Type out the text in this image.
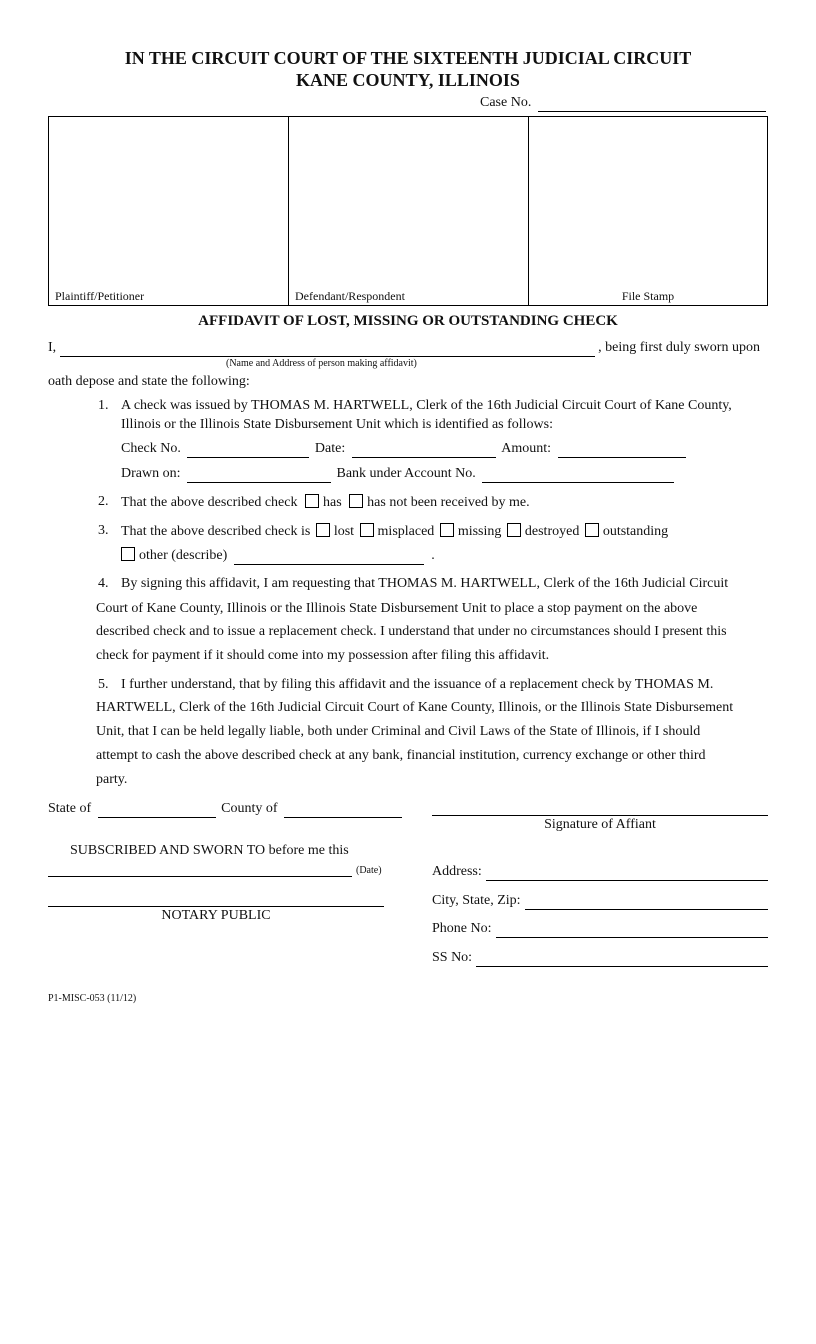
IN THE CIRCUIT COURT OF THE SIXTEENTH JUDICIAL CIRCUIT
KANE COUNTY, ILLINOIS
Case No.
Plaintiff/Petitioner	Defendant/Respondent	File Stamp
AFFIDAVIT OF LOST, MISSING OR OUTSTANDING CHECK
I,	, being first duly sworn upon
(Name and Address of person making affidavit)
oath depose and state the following:
1. A check was issued by THOMAS M. HARTWELL, Clerk of the 16th Judicial Circuit Court of Kane County,
Illinois or the Illinois State Disbursement Unit which is identified as follows:
Check No.	Date:	Amount:
Drawn on:	Bank under Account No.
2. That the above described check has has not been received by me.
3. That the above described check is lost misplaced missing destroyed outstanding
other (describe)	.
4. By signing this affidavit, I am requesting that THOMAS M. HARTWELL, Clerk of the 16th Judicial Circuit
Court of Kane County, Illinois or the Illinois State Disbursement Unit to place a stop payment on the above
described check and to issue a replacement check. I understand that under no circumstances should I present this
check for payment if it should come into my possession after filing this affidavit.
5. I further understand, that by filing this affidavit and the issuance of a replacement check by THOMAS M.
HARTWELL, Clerk of the 16th Judicial Circuit Court of Kane County, Illinois, or the Illinois State Disbursement
Unit, that I can be held legally liable, both under Criminal and Civil Laws of the State of Illinois, if I should
attempt to cash the above described check at any bank, financial institution, currency exchange or other third
party.
State of	County of
Signature of Affiant
SUBSCRIBED AND SWORN TO before me this
(Date)
NOTARY PUBLIC
Address:

City, State, Zip:

Phone No:

SS No:

P1-MISC-053 (11/12)
